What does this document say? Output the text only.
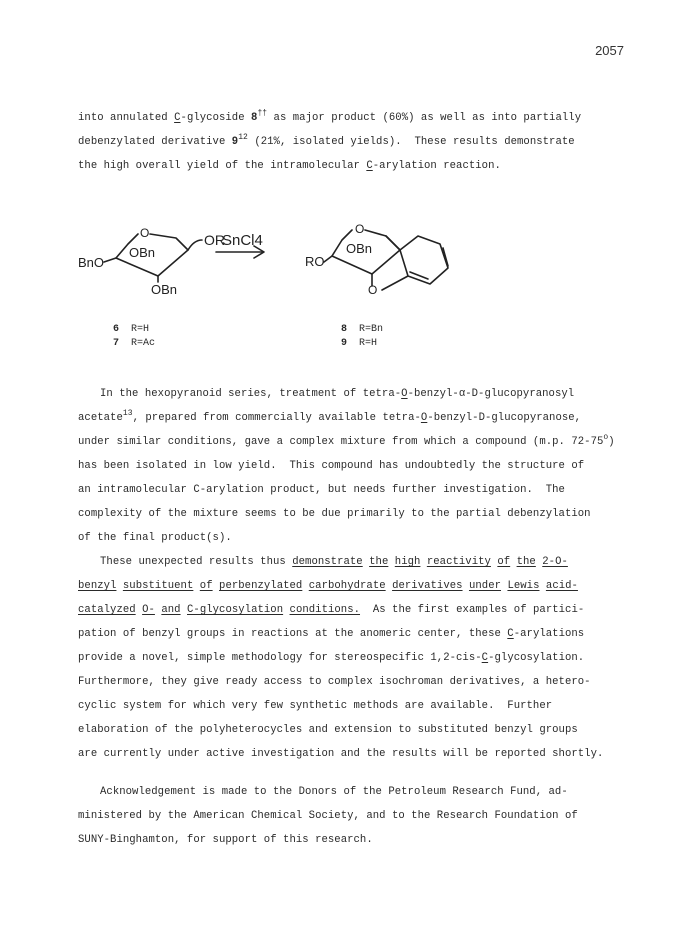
2057
into annulated C-glycoside 8†† as major product (60%) as well as into partially
debenzylated derivative $9^{12}$ (21%, isolated yields).  These results demonstrate
the high overall yield of the intramolecular C-arylation reaction.
O
OBn
OR
BnO
OBn
SnCl4
O
OBn
RO
O
6 R=H
7 R=Ac
8 R=Bn
9 R=H
In the hexopyranoid series, treatment of tetra-O-benzyl-α-D-glucopyranosyl
acetate$^{13}$, prepared from commercially available tetra-O-benzyl-D-glucopyranose,
under similar conditions, gave a complex mixture from which a compound (m.p. 72-75$^o$)
has been isolated in low yield.  This compound has undoubtedly the structure of
an intramolecular C-arylation product, but needs further investigation.  The
complexity of the mixture seems to be due primarily to the partial debenzylation
of the final product(s).
These unexpected results thus demonstrate the high reactivity of the 2-O-
benzyl substituent of perbenzylated carbohydrate derivatives under Lewis acid-
catalyzed O- and C-glycosylation conditions.  As the first examples of partici-
pation of benzyl groups in reactions at the anomeric center, these C-arylations
provide a novel, simple methodology for stereospecific 1,2-cis-C-glycosylation.
Furthermore, they give ready access to complex isochroman derivatives, a hetero-
cyclic system for which very few synthetic methods are available.  Further
elaboration of the polyheterocycles and extension to substituted benzyl groups
are currently under active investigation and the results will be reported shortly.
Acknowledgement is made to the Donors of the Petroleum Research Fund, ad-
ministered by the American Chemical Society, and to the Research Foundation of
SUNY-Binghamton, for support of this research.
